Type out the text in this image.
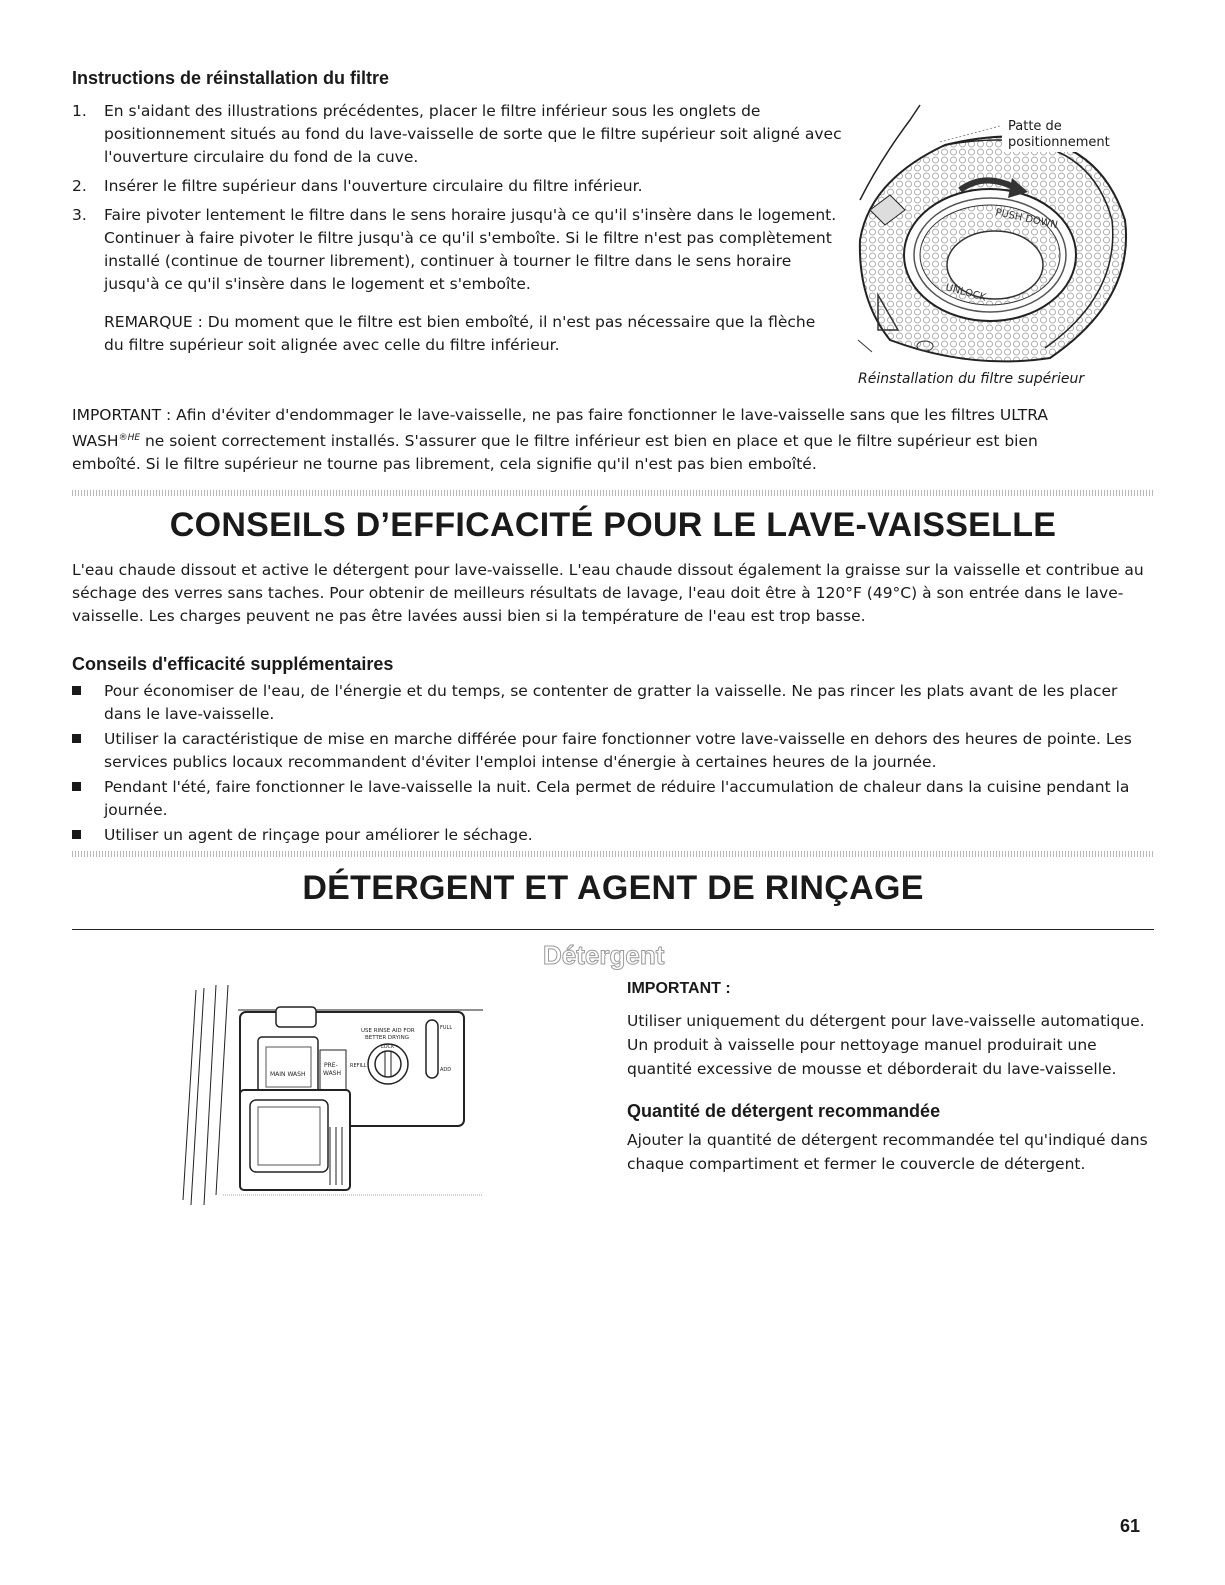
Instructions de réinstallation du filtre
1. En s'aidant des illustrations précédentes, placer le filtre inférieur sous les onglets de positionnement situés au fond du lave-vaisselle de sorte que le filtre supérieur soit aligné avec l'ouverture circulaire du fond de la cuve.
2. Insérer le filtre supérieur dans l'ouverture circulaire du filtre inférieur.
3. Faire pivoter lentement le filtre dans le sens horaire jusqu'à ce qu'il s'insère dans le logement. Continuer à faire pivoter le filtre jusqu'à ce qu'il s'emboîte. Si le filtre n'est pas complètement installé (continue de tourner librement), continuer à tourner le filtre dans le sens horaire jusqu'à ce qu'il s'insère dans le logement et s'emboîte.
REMARQUE : Du moment que le filtre est bien emboîté, il n'est pas nécessaire que la flèche du filtre supérieur soit alignée avec celle du filtre inférieur.
PUSH DOWN
UNLOCK
Patte de
positionnement
Réinstallation du filtre supérieur
IMPORTANT : Afin d'éviter d'endommager le lave-vaisselle, ne pas faire fonctionner le lave-vaisselle sans que les filtres ULTRA
$WASH^{®HE}$ ne soient correctement installés. S'assurer que le filtre inférieur est bien en place et que le filtre supérieur est bien
emboîté. Si le filtre supérieur ne tourne pas librement, cela signifie qu'il n'est pas bien emboîté.
CONSEILS D’EFFICACITÉ POUR LE LAVE-VAISSELLE
L'eau chaude dissout et active le détergent pour lave-vaisselle. L'eau chaude dissout également la graisse sur la vaisselle et contribue au séchage des verres sans taches. Pour obtenir de meilleurs résultats de lavage, l'eau doit être à 120°F (49°C) à son entrée dans le lave-vaisselle. Les charges peuvent ne pas être lavées aussi bien si la température de l'eau est trop basse.
Conseils d'efficacité supplémentaires
Pour économiser de l'eau, de l'énergie et du temps, se contenter de gratter la vaisselle. Ne pas rincer les plats avant de les placer dans le lave-vaisselle.
Utiliser la caractéristique de mise en marche différée pour faire fonctionner votre lave-vaisselle en dehors des heures de pointe. Les services publics locaux recommandent d'éviter l'emploi intense d'énergie à certaines heures de la journée.
Pendant l'été, faire fonctionner le lave-vaisselle la nuit. Cela permet de réduire l'accumulation de chaleur dans la cuisine pendant la journée.
Utiliser un agent de rinçage pour améliorer le séchage.
DÉTERGENT ET AGENT DE RINÇAGE
Détergent
MAIN WASH
PRE-
WASH
USE RINSE AID FOR
BETTER DRYING
LOCK
REFILL
FULL
ADD
IMPORTANT :
Utiliser uniquement du détergent pour lave-vaisselle automatique. Un produit à vaisselle pour nettoyage manuel produirait une quantité excessive de mousse et déborderait du lave-vaisselle.
Quantité de détergent recommandée
Ajouter la quantité de détergent recommandée tel qu'indiqué dans chaque compartiment et fermer le couvercle de détergent.
61
